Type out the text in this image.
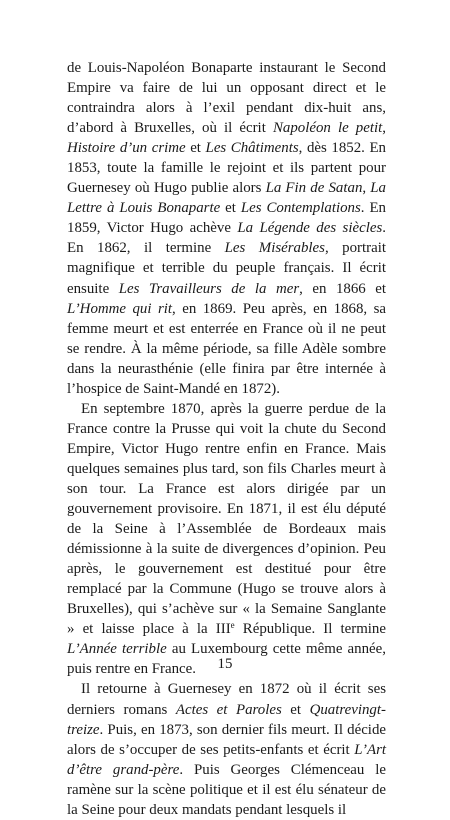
de Louis-Napoléon Bonaparte instaurant le Second Empire va faire de lui un opposant direct et le contraindra alors à l’exil pendant dix-huit ans, d’abord à Bruxelles, où il écrit Napoléon le petit, Histoire d’un crime et Les Châtiments, dès 1852. En 1853, toute la famille le rejoint et ils partent pour Guernesey où Hugo publie alors La Fin de Satan, La Lettre à Louis Bonaparte et Les Contemplations. En 1859, Victor Hugo achève La Légende des siècles. En 1862, il termine Les Misérables, portrait magnifique et terrible du peuple français. Il écrit ensuite Les Travailleurs de la mer, en 1866 et L’Homme qui rit, en 1869. Peu après, en 1868, sa femme meurt et est enterrée en France où il ne peut se rendre. À la même période, sa fille Adèle sombre dans la neurasthénie (elle finira par être internée à l’hospice de Saint-Mandé en 1872).

En septembre 1870, après la guerre perdue de la France contre la Prusse qui voit la chute du Second Empire, Victor Hugo rentre enfin en France. Mais quelques semaines plus tard, son fils Charles meurt à son tour. La France est alors dirigée par un gouvernement provisoire. En 1871, il est élu député de la Seine à l’Assemblée de Bordeaux mais démissionne à la suite de divergences d’opinion. Peu après, le gouvernement est destitué pour être remplacé par la Commune (Hugo se trouve alors à Bruxelles), qui s’achève sur « la Semaine Sanglante » et laisse place à la IIIe République. Il termine L’Année terrible au Luxembourg cette même année, puis rentre en France.

Il retourne à Guernesey en 1872 où il écrit ses derniers romans Actes et Paroles et Quatrevingt-treize. Puis, en 1873, son dernier fils meurt. Il décide alors de s’occuper de ses petits-enfants et écrit L’Art d’être grand-père. Puis Georges Clémenceau le ramène sur la scène politique et il est élu sénateur de la Seine pour deux mandats pendant lesquels il

15
